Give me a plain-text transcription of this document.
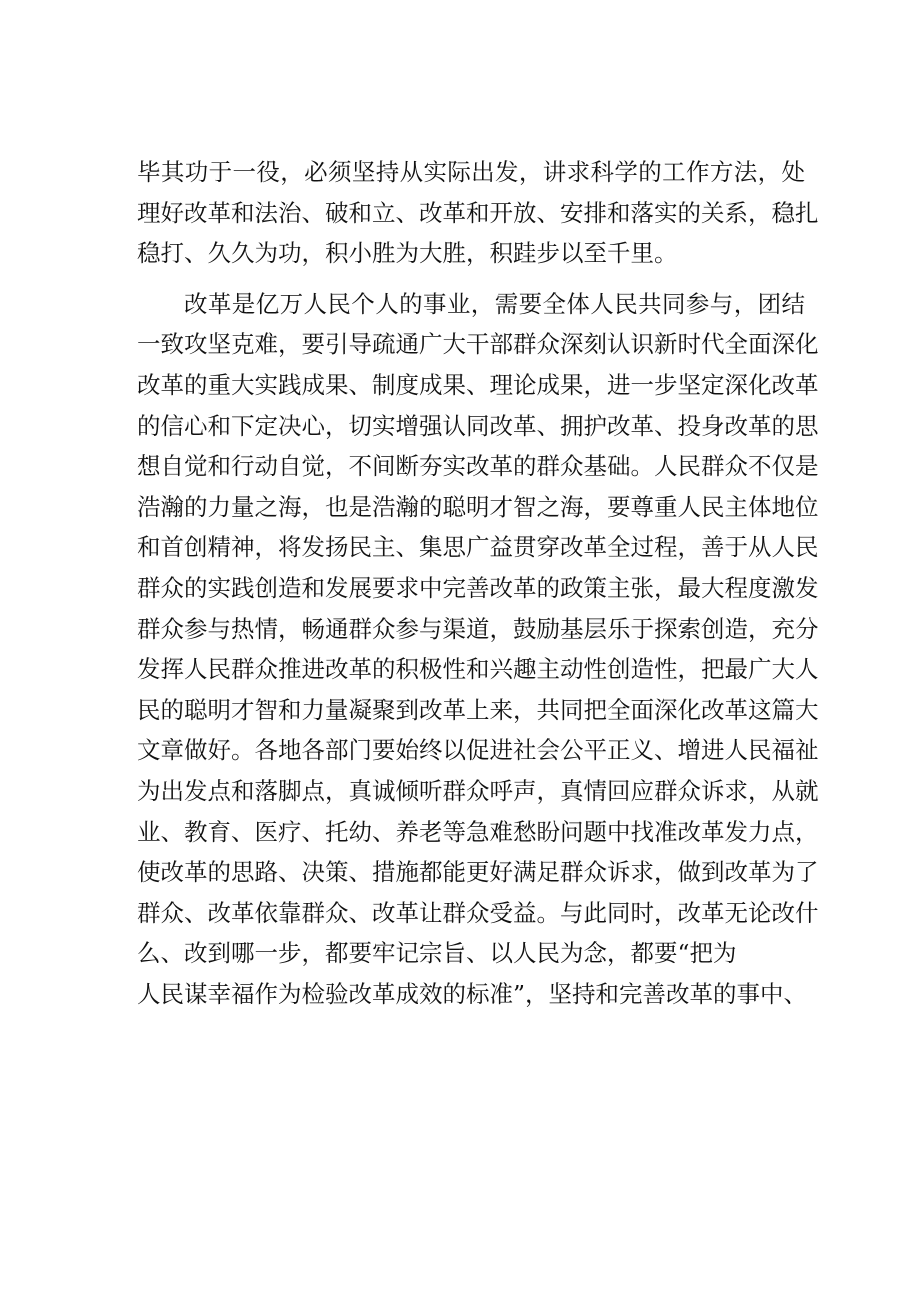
毕其功于一役，必须坚持从实际出发，讲求科学的工作方法，处
理好改革和法治、破和立、改革和开放、安排和落实的关系，稳扎
稳打、久久为功，积小胜为大胜，积跬步以至千里。
改革是亿万人民个人的事业，需要全体人民共同参与，团结
一致攻坚克难，要引导疏通广大干部群众深刻认识新时代全面深化
改革的重大实践成果、制度成果、理论成果，进一步坚定深化改革
的信心和下定决心，切实增强认同改革、拥护改革、投身改革的思
想自觉和行动自觉，不间断夯实改革的群众基础。人民群众不仅是
浩瀚的力量之海，也是浩瀚的聪明才智之海，要尊重人民主体地位
和首创精神，将发扬民主、集思广益贯穿改革全过程，善于从人民
群众的实践创造和发展要求中完善改革的政策主张，最大程度激发
群众参与热情，畅通群众参与渠道，鼓励基层乐于探索创造，充分
发挥人民群众推进改革的积极性和兴趣主动性创造性，把最广大人
民的聪明才智和力量凝聚到改革上来，共同把全面深化改革这篇大
文章做好。各地各部门要始终以促进社会公平正义、增进人民福祉
为出发点和落脚点，真诚倾听群众呼声，真情回应群众诉求，从就
业、教育、医疗、托幼、养老等急难愁盼问题中找准改革发力点，
使改革的思路、决策、措施都能更好满足群众诉求，做到改革为了
群众、改革依靠群众、改革让群众受益。与此同时，改革无论改什
么、改到哪一步，都要牢记宗旨、以人民为念，都要“把为
人民谋幸福作为检验改革成效的标准”，坚持和完善改革的事中、
